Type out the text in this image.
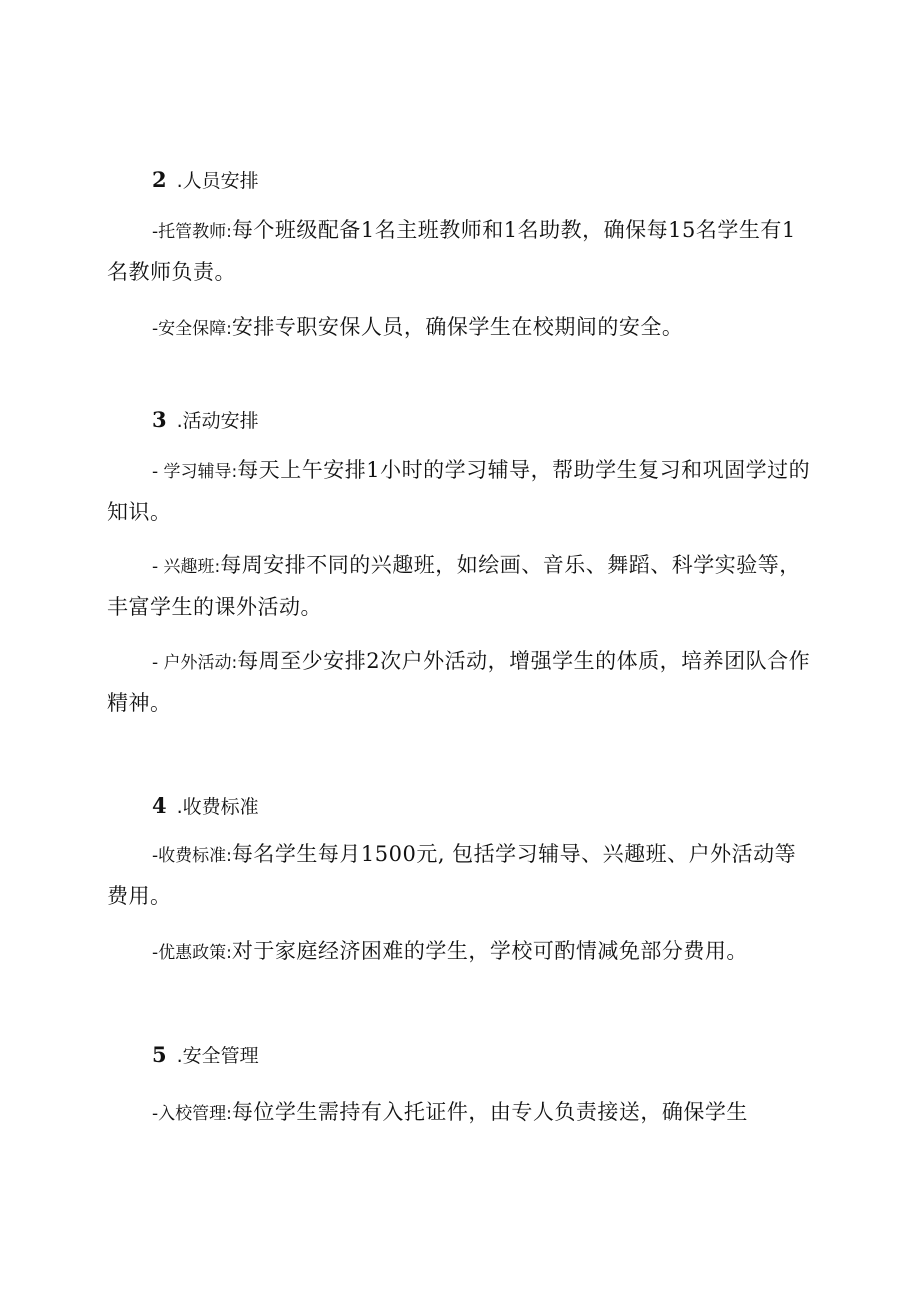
2 .人员安排
-托管教师:每个班级配备1名主班教师和1名助教，确保每15名学生有1名教师负责。
-安全保障:安排专职安保人员，确保学生在校期间的安全。
3 .活动安排
- 学习辅导:每天上午安排1小时的学习辅导，帮助学生复习和巩固学过的知识。
- 兴趣班:每周安排不同的兴趣班，如绘画、音乐、舞蹈、科学实验等，丰富学生的课外活动。
- 户外活动:每周至少安排2次户外活动，增强学生的体质，培养团队合作精神。
4 .收费标准
-收费标准:每名学生每月1500元, 包括学习辅导、兴趣班、户外活动等费用。
-优惠政策:对于家庭经济困难的学生，学校可酌情减免部分费用。
5 .安全管理
-入校管理:每位学生需持有入托证件，由专人负责接送，确保学生
